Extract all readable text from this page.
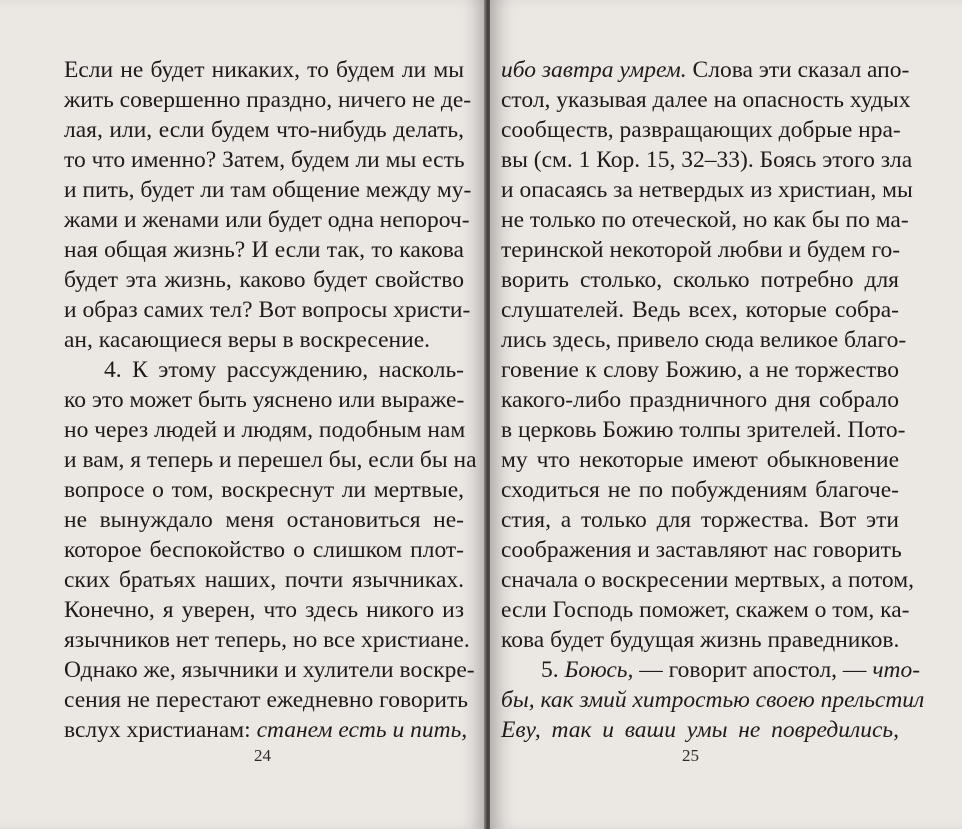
Если не будет никаких, то будем ли мы
жить совершенно праздно, ничего не де-
лая, или, если будем что-нибудь делать,
то что именно? Затем, будем ли мы есть
и пить, будет ли там общение между му-
жами и женами или будет одна непороч-
ная общая жизнь? И если так, то какова
будет эта жизнь, каково будет свойство
и образ самих тел? Вот вопросы христи-
ан, касающиеся веры в воскресение.
4. К этому рассуждению, насколь-
ко это может быть уяснено или выраже-
но через людей и людям, подобным нам
и вам, я теперь и перешел бы, если бы на
вопросе о том, воскреснут ли мертвые,
не вынуждало меня остановиться не-
которое беспокойство о слишком плот-
ских братьях наших, почти язычниках.
Конечно, я уверен, что здесь никого из
язычников нет теперь, но все христиане.
Однако же, язычники и хулители воскре-
сения не перестают ежедневно говорить
вслух христианам: станем есть и пить,
24
ибо завтра умрем. Слова эти сказал апо-
стол, указывая далее на опасность худых
сообществ, развращающих добрые нра-
вы (см. 1 Кор. 15, 32–33). Боясь этого зла
и опасаясь за нетвердых из христиан, мы
не только по отеческой, но как бы по ма-
теринской некоторой любви и будем го-
ворить столько, сколько потребно для
слушателей. Ведь всех, которые собра-
лись здесь, привело сюда великое благо-
говение к слову Божию, а не торжество
какого-либо праздничного дня собрало
в церковь Божию толпы зрителей. Пото-
му что некоторые имеют обыкновение
сходиться не по побуждениям благоче-
стия, а только для торжества. Вот эти
соображения и заставляют нас говорить
сначала о воскресении мертвых, а потом,
если Господь поможет, скажем о том, ка-
кова будет будущая жизнь праведников.
5. Боюсь, — говорит апостол, — что-
бы, как змий хитростью своею прельстил
Еву, так и ваши умы не повредились,
25
